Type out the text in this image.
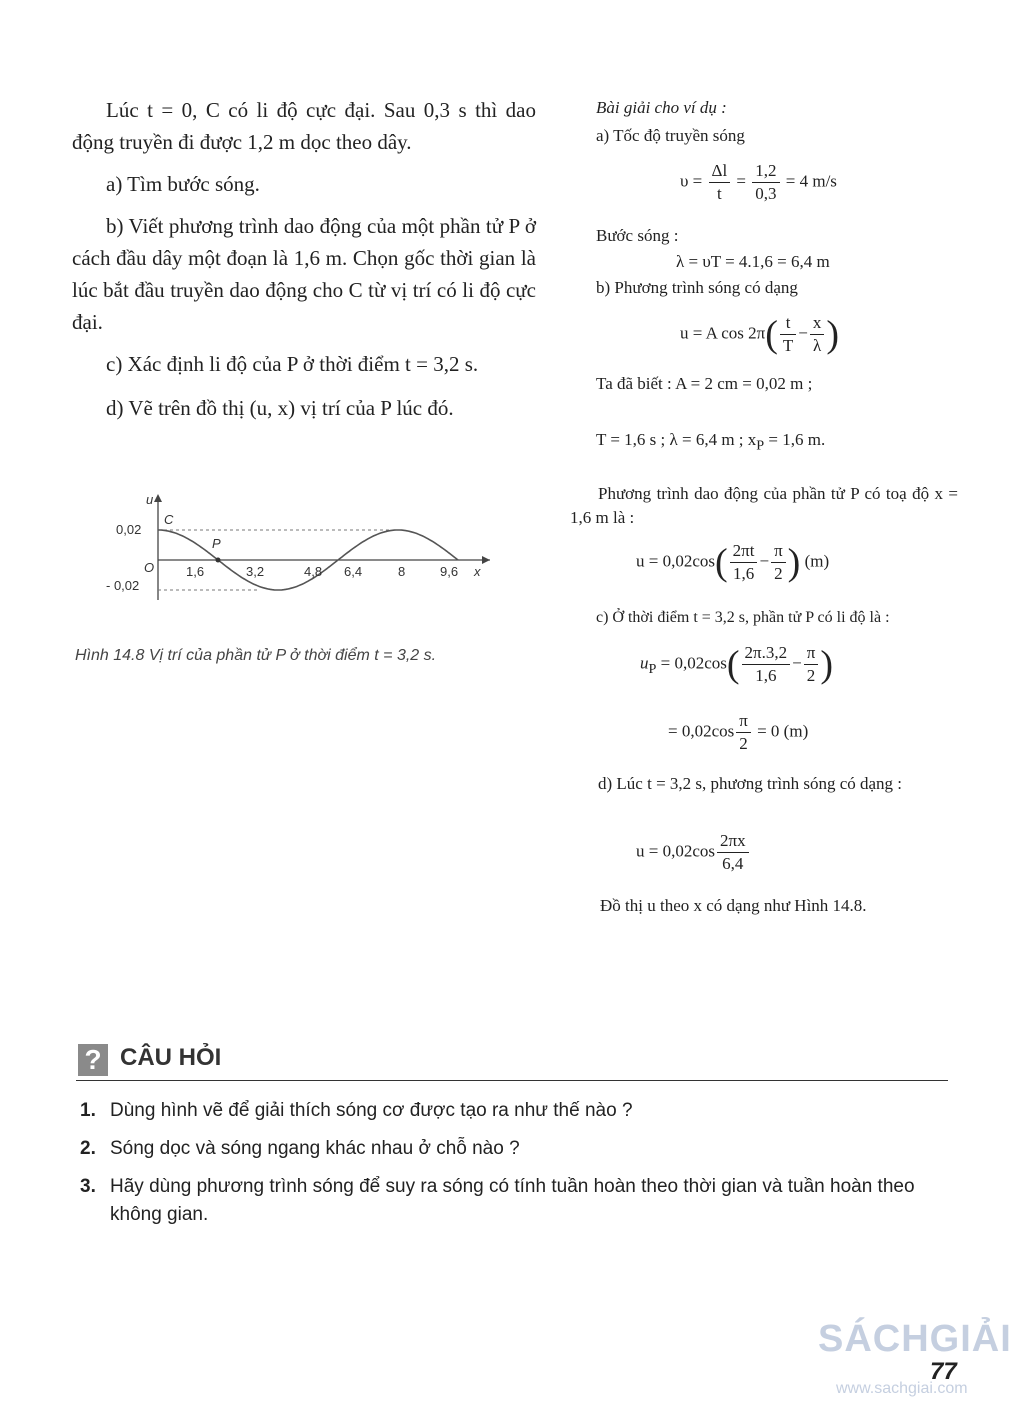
Lúc t = 0, C có li độ cực đại. Sau 0,3 s thì dao động truyền đi được 1,2 m dọc theo dây.

a) Tìm bước sóng.

b) Viết phương trình dao động của một phần tử P ở cách đầu dây một đoạn là 1,6 m. Chọn gốc thời gian là lúc bắt đầu truyền dao động cho C từ vị trí có li độ cực đại.

c) Xác định li độ của P ở thời điểm t = 3,2 s.

d) Vẽ trên đồ thị (u, x) vị trí của P lúc đó.

u
O	x
C
P
0,02
- 0,02
1,6	3,2	4,8 6,4	8	9,6
Hình 14.8 Vị trí của phần tử P ở thời điểm t = 3,2 s.
Bài giải cho ví dụ :
a) Tốc độ truyền sóng
$\upsilon = \frac{\Delta l}{t} = \frac{1,2}{0,3} = 4$ m/s
Bước sóng :
λ = υT = 4.1,6 = 6,4 m
b) Phương trình sóng có dạng
u = A $\cos 2\pi( \frac{t}{T} - \frac{x}{\lambda}$ )
Ta đã biết : A = 2 cm = 0,02 m ;
T = 1,6 s ; λ = 6,4 m ; $x_P = 1,6$ m.
Phương trình dao động của phần tử P có toạ độ x = 1,6 m là :
$u = 0,02\cos( \frac{2\pi t}{1,6} - \frac{\pi}{2}$ ) (m)
c) Ở thời điểm t = 3,2 s, phần tử P có li độ là :
$u_P = 0,02\cos( \frac{2\pi.3,2}{1,6} - \frac{\pi}{2}$ )
= $0,02\cos \frac{\pi}{2} = 0$ (m)
d) Lúc t = 3,2 s, phương trình sóng có dạng :
$u = 0,02\cos \frac{2\pi x}{6,4}$
Đồ thị u theo x có dạng như Hình 14.8.
? CÂU HỎI
1. Dùng hình vẽ để giải thích sóng cơ được tạo ra như thế nào ?
2. Sóng dọc và sóng ngang khác nhau ở chỗ nào ?
3. Hãy dùng phương trình sóng để suy ra sóng có tính tuần hoàn theo thời gian và tuần hoàn theo không gian.
SÁCHGIẢI
77
www.sachgiai.com
